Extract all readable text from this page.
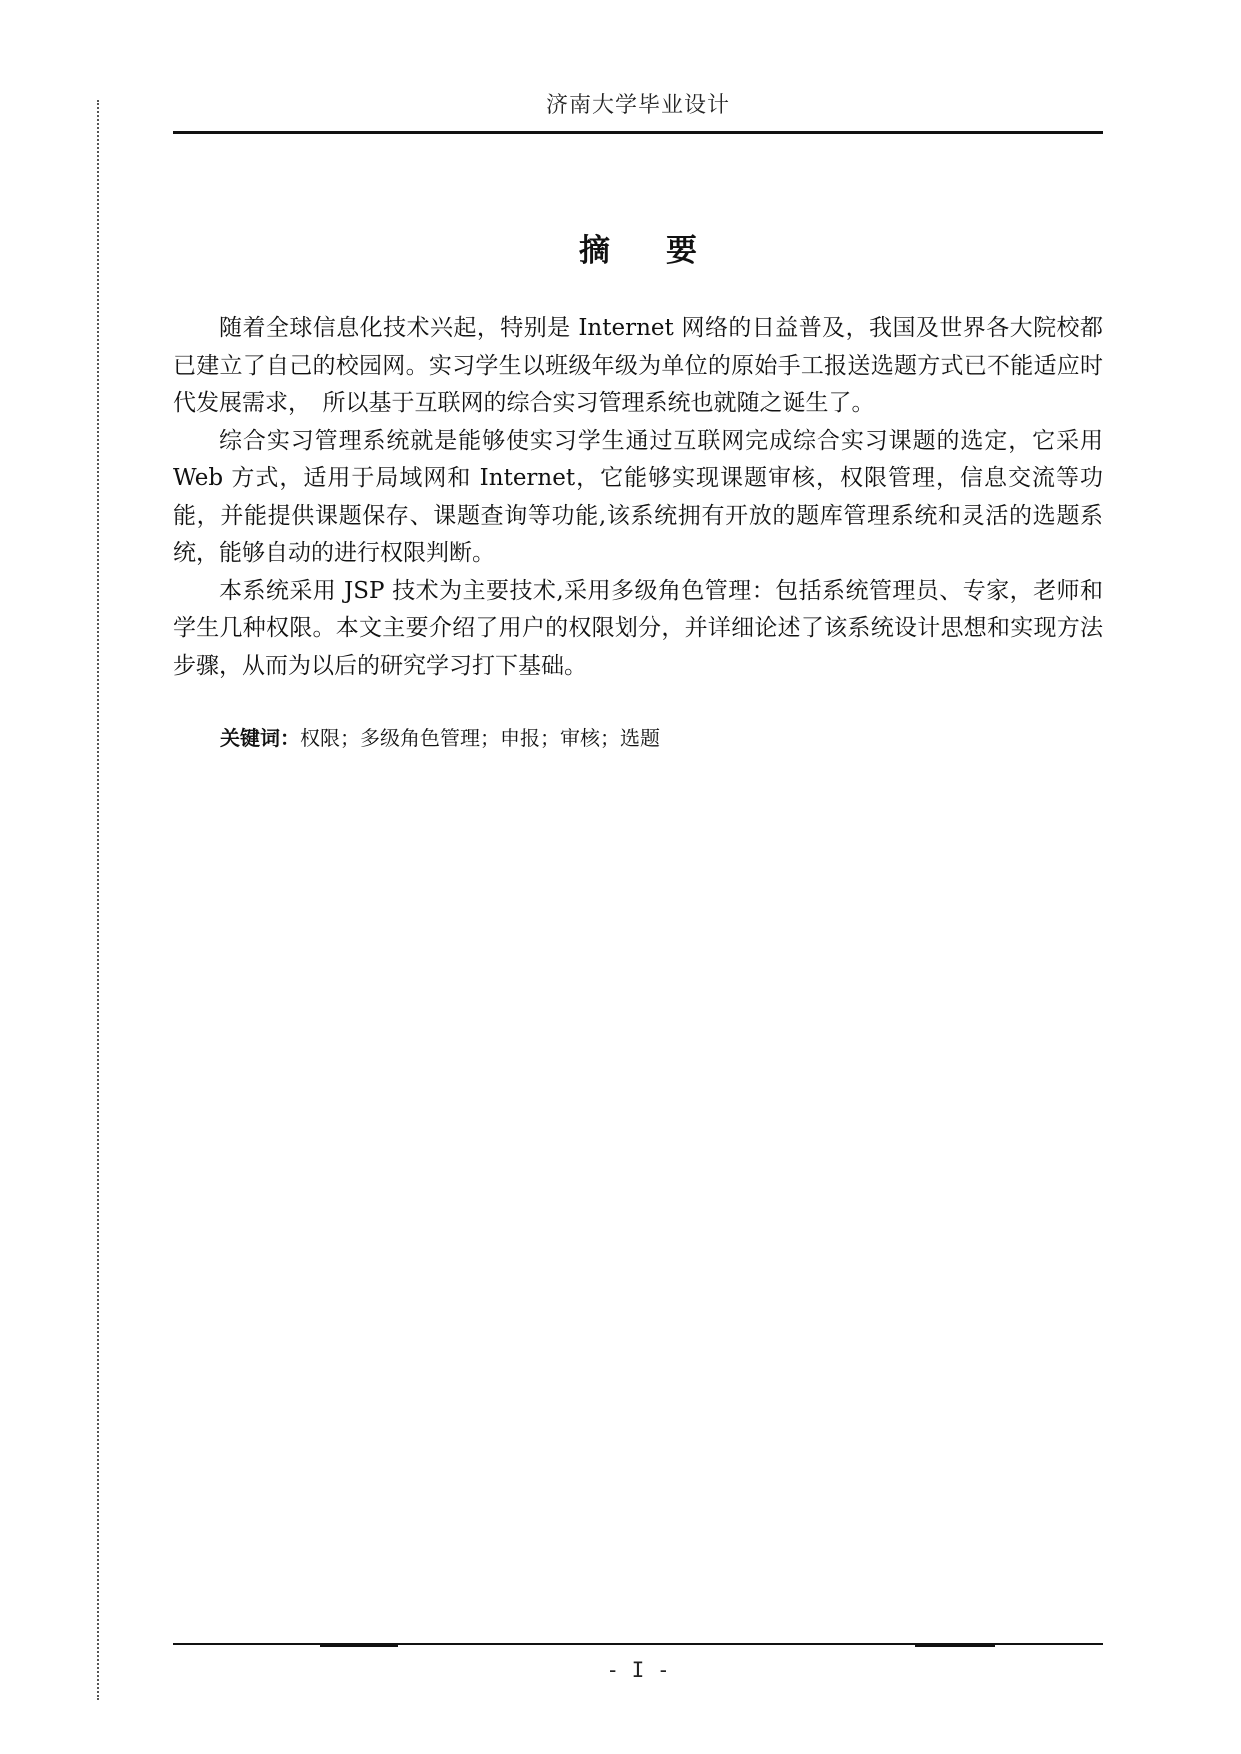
济南大学毕业设计
摘 要

随着全球信息化技术兴起，特别是 Internet 网络的日益普及，我国及世界各大院校都已建立了自己的校园网。实习学生以班级年级为单位的原始手工报送选题方式已不能适应时代发展需求，　所以基于互联网的综合实习管理系统也就随之诞生了。

综合实习管理系统就是能够使实习学生通过互联网完成综合实习课题的选定，它采用 Web 方式，适用于局域网和 Internet，它能够实现课题审核，权限管理，信息交流等功能，并能提供课题保存、课题查询等功能,该系统拥有开放的题库管理系统和灵活的选题系统，能够自动的进行权限判断。

本系统采用 JSP 技术为主要技术,采用多级角色管理：包括系统管理员、专家，老师和学生几种权限。本文主要介绍了用户的权限划分，并详细论述了该系统设计思想和实现方法步骤，从而为以后的研究学习打下基础。

关键词：权限；多级角色管理；申报；审核；选题
- I -
